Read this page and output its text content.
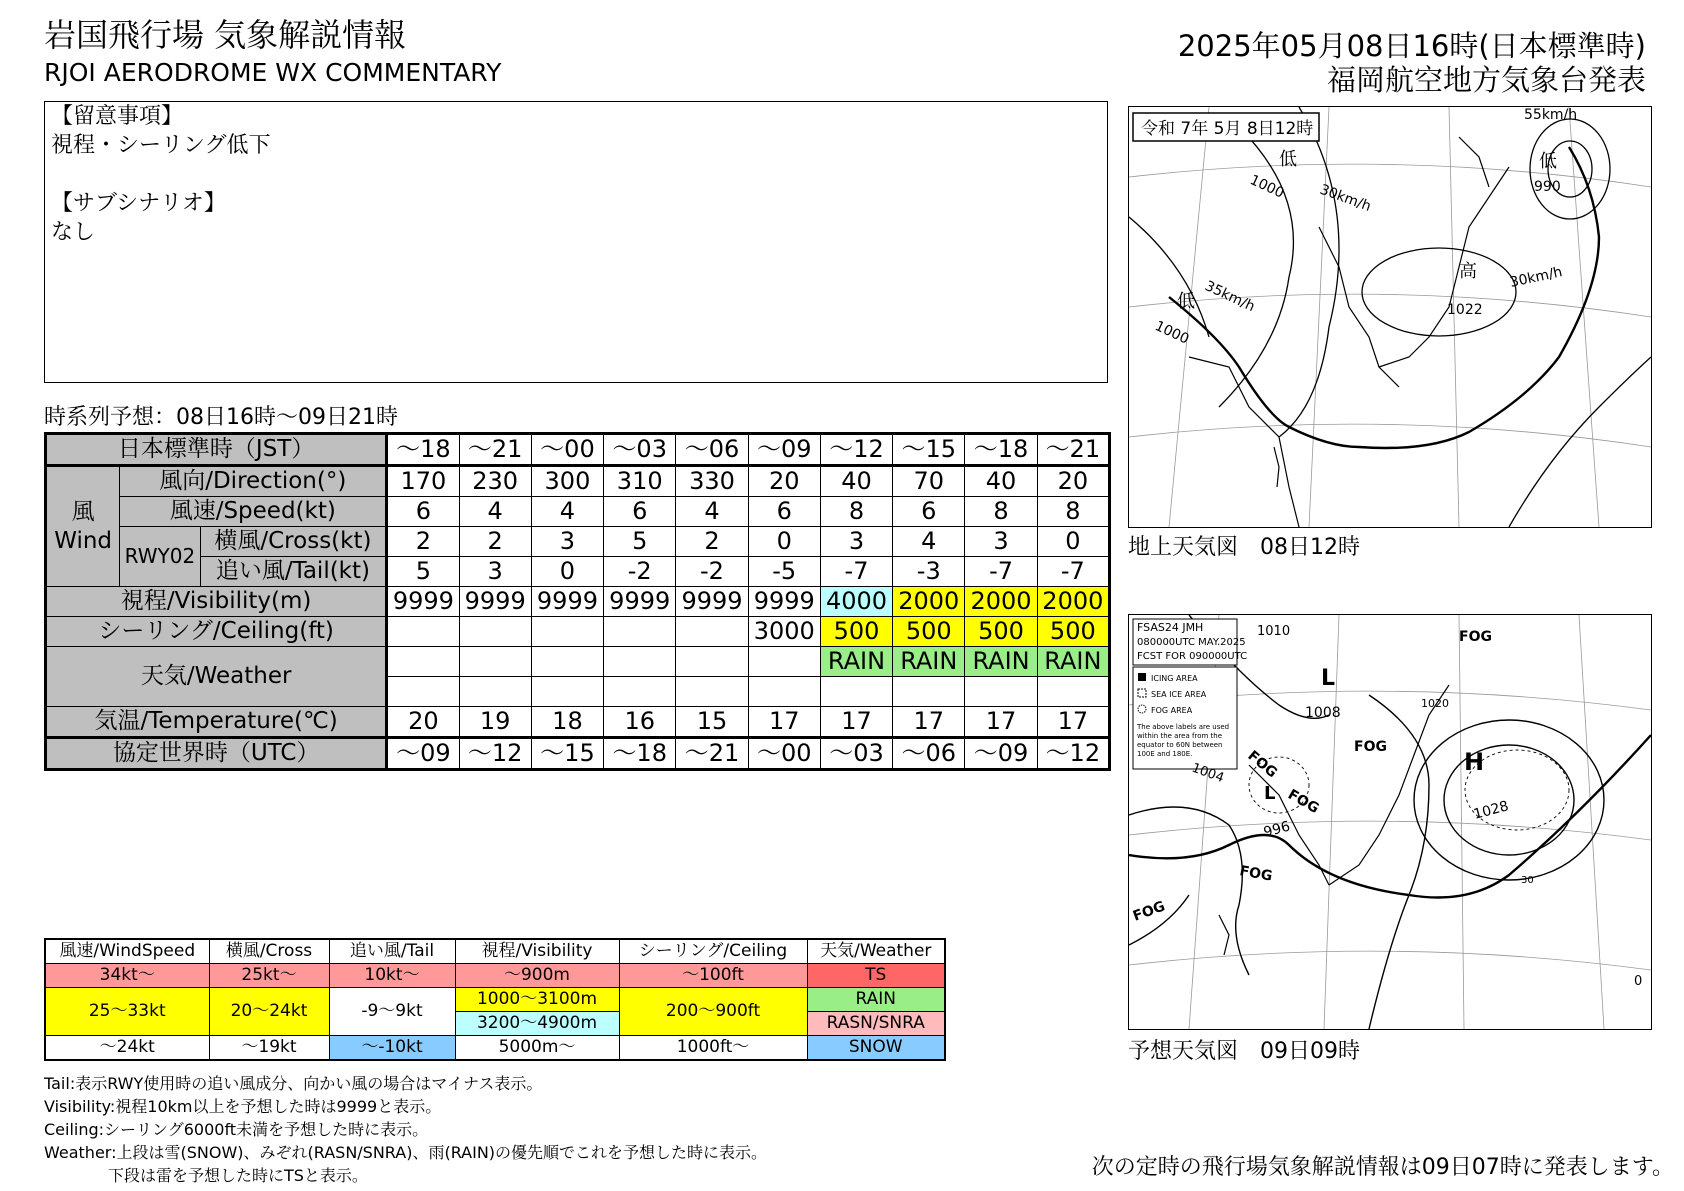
岩国飛行場 気象解説情報
RJOI AERODROME WX COMMENTARY
2025年05月08日16時(日本標準時)
福岡航空地方気象台発表
【留意事項】
視程・シーリング低下
【サブシナリオ】
なし
時系列予想：08日16時〜09日21時
日本標準時（JST）			〜18	〜21	〜00	〜03	〜06	〜09	〜12	〜15	〜18	〜21

風
Wind	風向/Direction(°)		170	230	300	310	330	20	40	70	40	20
	風速/Speed(kt)		6	4	4	6	4	6	8	6	8	8
	RWY02	横風/Cross(kt)	2	2	3	5	2	0	3	4	3	0
		追い風/Tail(kt)	5	3	0	-2	-2	-5	-7	-3	-7	-7
視程/Visibility(m)			9999	9999	9999	9999	9999	9999	4000	2000	2000	2000
シーリング/Ceiling(ft)								3000	500	500	500	500
天気/Weather									RAIN	RAIN	RAIN	RAIN

気温/Temperature(℃)			20	19	18	16	15	17	17	17	17	17
協定世界時（UTC）			〜09	〜12	〜15	〜18	〜21	〜00	〜03	〜06	〜09	〜12
風速/WindSpeed	横風/Cross	追い風/Tail	視程/Visibility	シーリング/Ceiling	天気/Weather
34kt〜	25kt〜	10kt〜	〜900m	〜100ft	TS
25〜33kt	20〜24kt	-9〜9kt	1000〜3100m	200〜900ft	RAIN
			3200〜4900m		RASN/SNRA
〜24kt	〜19kt	〜-10kt	5000m〜	1000ft〜	SNOW
Tail:表示RWY使用時の追い風成分、向かい風の場合はマイナス表示。
Visibility:視程10km以上を予想した時は9999と表示。
Ceiling:シーリング6000ft未満を予想した時に表示。
Weather:上段は雪(SNOW)、みぞれ(RASN/SNRA)、雨(RAIN)の優先順でこれを予想した時に表示。
　　　　下段は雷を予想した時にTSと表示。	次の定時の飛行場気象解説情報は09日07時に発表します。
令和 7年 5月 8日12時
低
1000 30km/h
低
1000
35km/h
低
990
55km/h
高
1022
30km/h
地上天気図　08日12時
FSAS24 JMH
080000UTC MAY.2025
FCST FOR 090000UTC
ICING AREA
SEA ICE AREA
FOG AREA
The above labels are used
within the area from the
equator to 60N between
100E and 180E.
L
1008
L
996
H
1028
FOG
FOG
FOG
FOG
FOG
FOG
1010
1020
1004
30
0
予想天気図　09日09時
